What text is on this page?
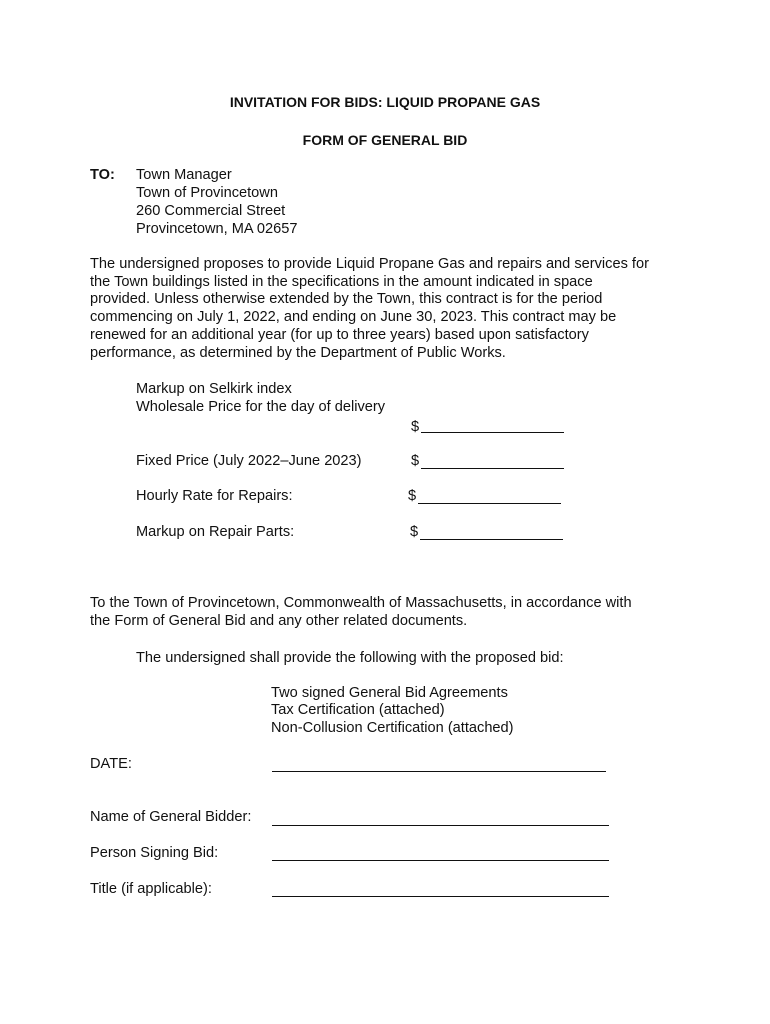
INVITATION FOR BIDS: LIQUID PROPANE GAS
FORM OF GENERAL BID
TO: Town Manager
Town of Provincetown
260 Commercial Street
Provincetown, MA 02657
The undersigned proposes to provide Liquid Propane Gas and repairs and services for
the Town buildings listed in the specifications in the amount indicated in space
provided. Unless otherwise extended by the Town, this contract is for the period
commencing on July 1, 2022, and ending on June 30, 2023. This contract may be
renewed for an additional year (for up to three years) based upon satisfactory
performance, as determined by the Department of Public Works.
Markup on Selkirk index
Wholesale Price for the day of delivery
$
Fixed Price (July 2022–June 2023)	$
Hourly Rate for Repairs:	$
Markup on Repair Parts:	$
To the Town of Provincetown, Commonwealth of Massachusetts, in accordance with
the Form of General Bid and any other related documents.
The undersigned shall provide the following with the proposed bid:
Two signed General Bid Agreements
Tax Certification (attached)
Non-Collusion Certification (attached)
DATE:
Name of General Bidder:
Person Signing Bid:
Title (if applicable):
